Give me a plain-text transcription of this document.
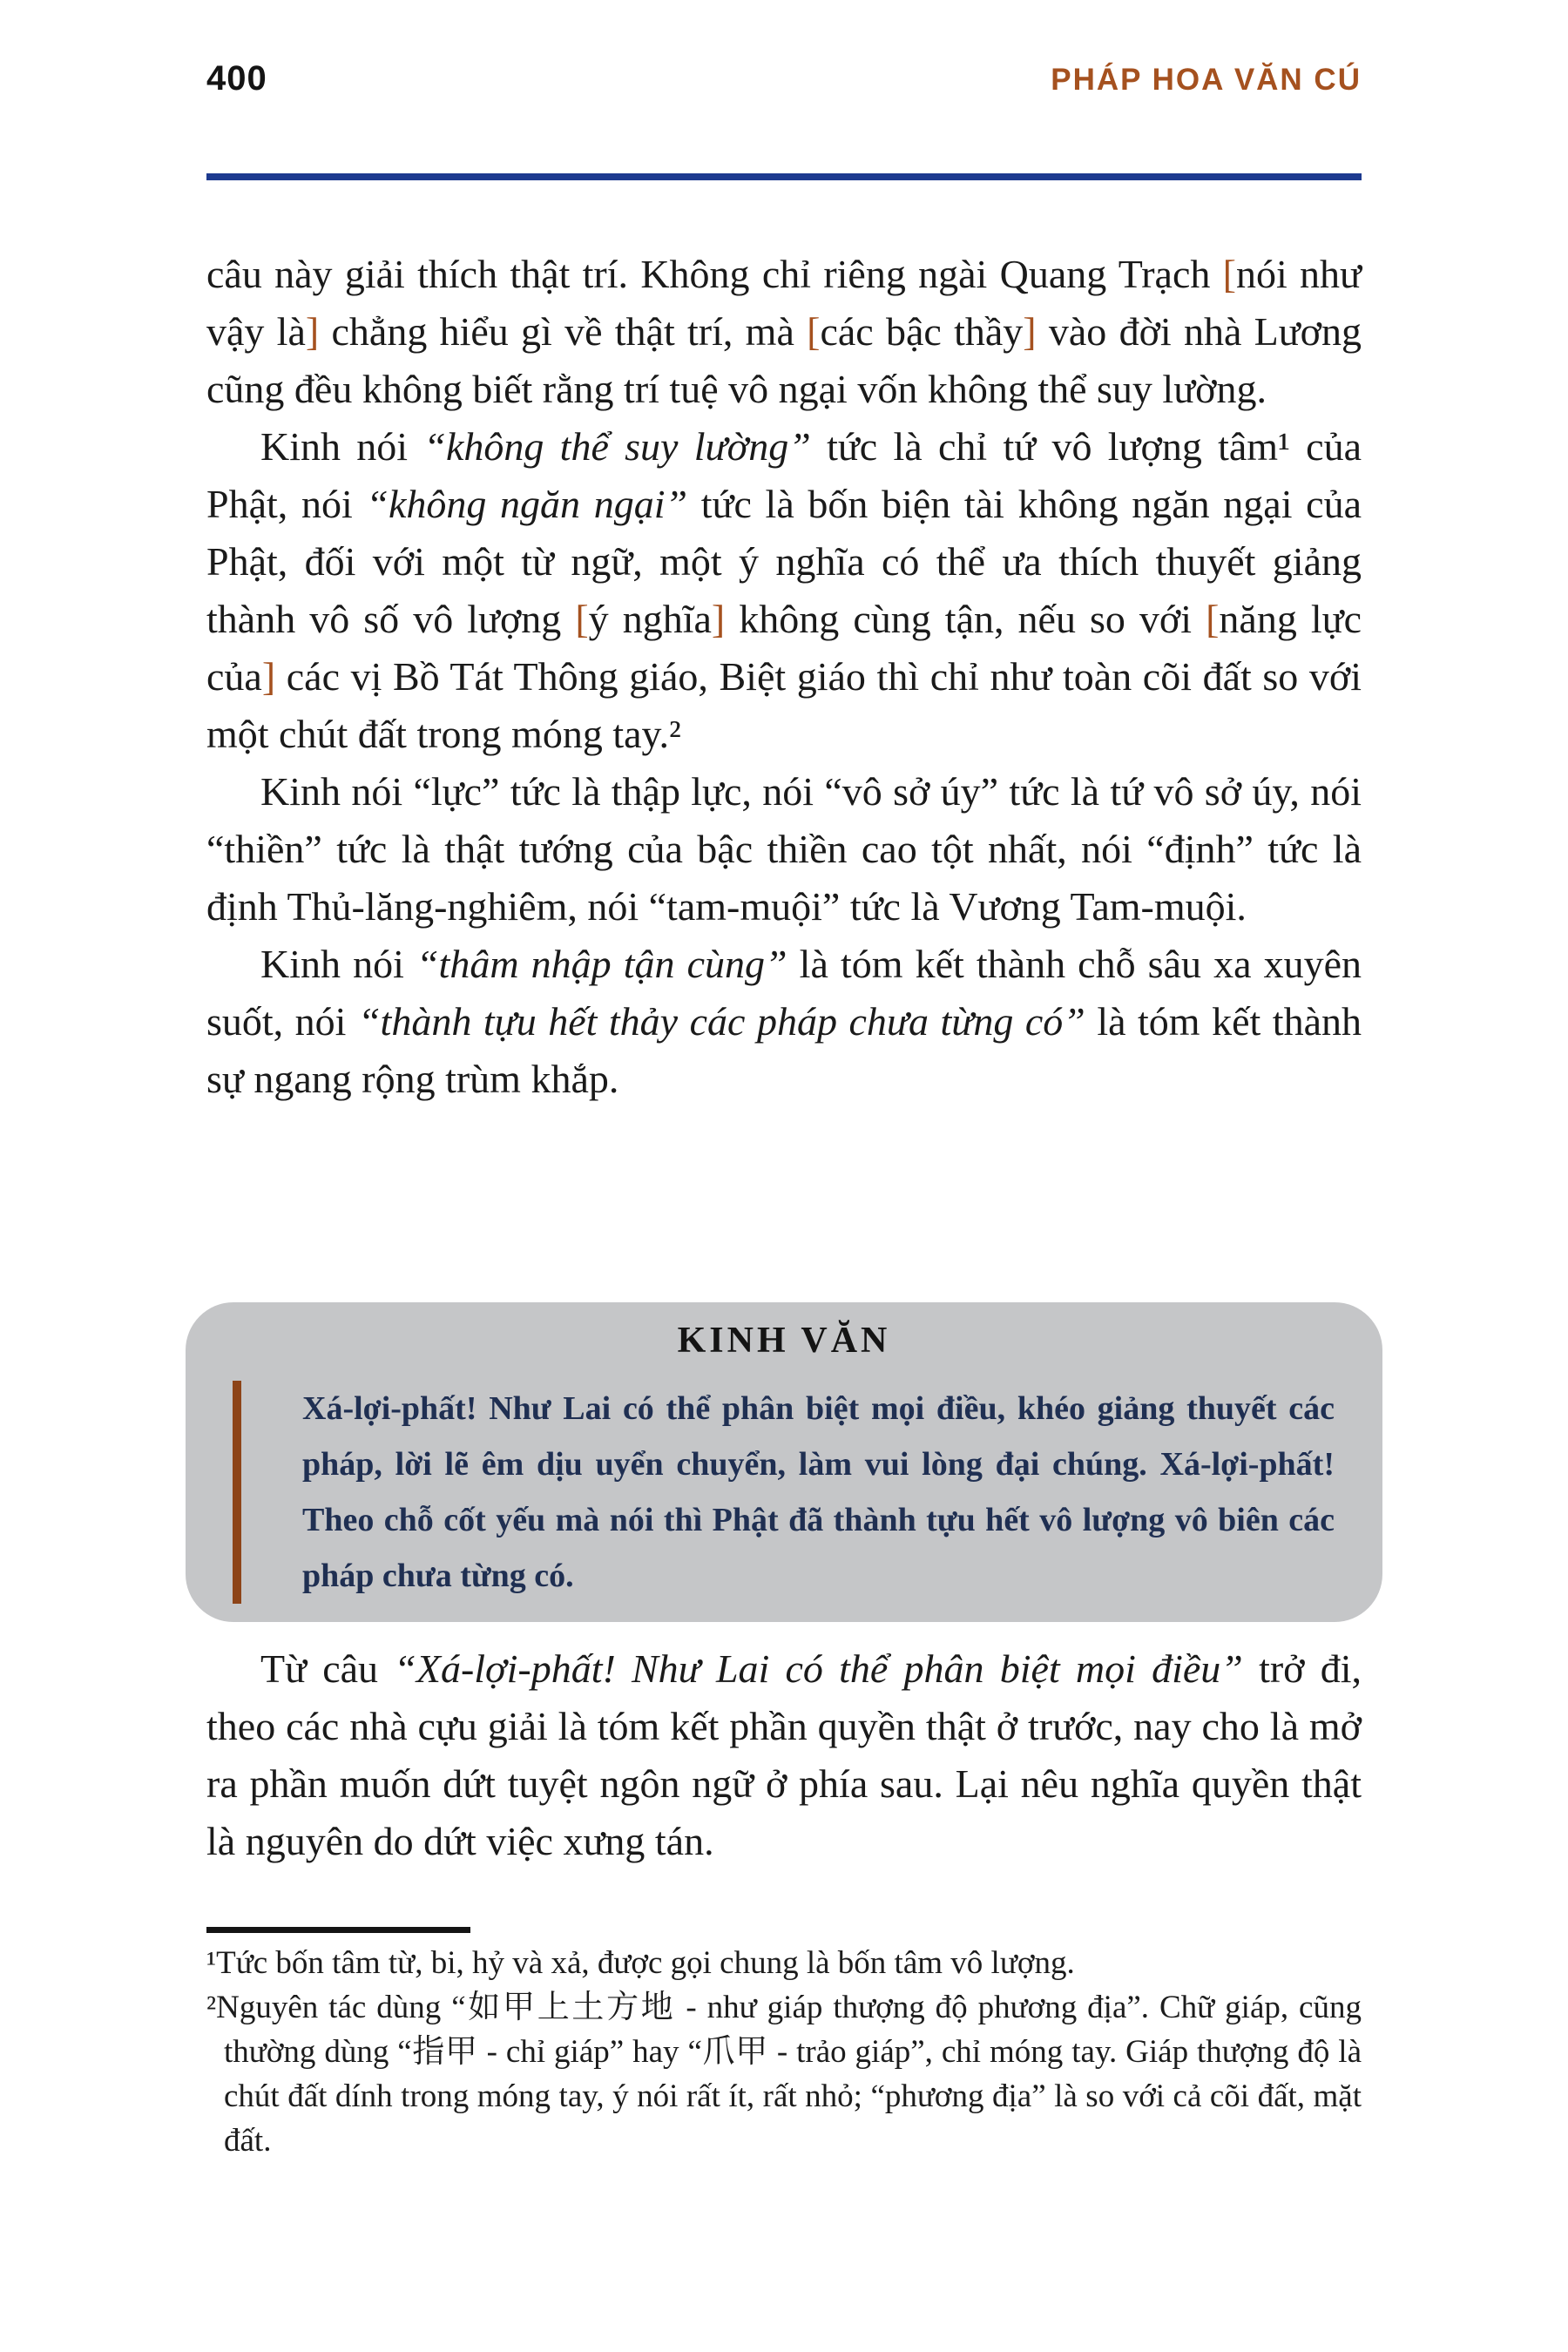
400	PHÁP HOA VĂN CÚ

câu này giải thích thật trí. Không chỉ riêng ngài Quang Trạch [nói như vậy là] chẳng hiểu gì về thật trí, mà [các bậc thầy] vào đời nhà Lương cũng đều không biết rằng trí tuệ vô ngại vốn không thể suy lường.

Kinh nói “không thể suy lường” tức là chỉ tứ vô lượng tâm¹ của Phật, nói “không ngăn ngại” tức là bốn biện tài không ngăn ngại của Phật, đối với một từ ngữ, một ý nghĩa có thể ưa thích thuyết giảng thành vô số vô lượng [ý nghĩa] không cùng tận, nếu so với [năng lực của] các vị Bồ Tát Thông giáo, Biệt giáo thì chỉ như toàn cõi đất so với một chút đất trong móng tay.²

Kinh nói “lực” tức là thập lực, nói “vô sở úy” tức là tứ vô sở úy, nói “thiền” tức là thật tướng của bậc thiền cao tột nhất, nói “định” tức là định Thủ-lăng-nghiêm, nói “tam-muội” tức là Vương Tam-muội.

Kinh nói “thâm nhập tận cùng” là tóm kết thành chỗ sâu xa xuyên suốt, nói “thành tựu hết thảy các pháp chưa từng có” là tóm kết thành sự ngang rộng trùm khắp.

KINH VĂN
Xá-lợi-phất! Như Lai có thể phân biệt mọi điều, khéo giảng thuyết các pháp, lời lẽ êm dịu uyển chuyển, làm vui lòng đại chúng. Xá-lợi-phất! Theo chỗ cốt yếu mà nói thì Phật đã thành tựu hết vô lượng vô biên các pháp chưa từng có.

Từ câu “Xá-lợi-phất! Như Lai có thể phân biệt mọi điều” trở đi, theo các nhà cựu giải là tóm kết phần quyền thật ở trước, nay cho là mở ra phần muốn dứt tuyệt ngôn ngữ ở phía sau. Lại nêu nghĩa quyền thật là nguyên do dứt việc xưng tán.

¹Tức bốn tâm từ, bi, hỷ và xả, được gọi chung là bốn tâm vô lượng.

²Nguyên tác dùng “如甲上土方地 - như giáp thượng độ phương địa”. Chữ giáp, cũng thường dùng “指甲 - chỉ giáp” hay “爪甲 - trảo giáp”, chỉ móng tay. Giáp thượng độ là chút đất dính trong móng tay, ý nói rất ít, rất nhỏ; “phương địa” là so với cả cõi đất, mặt đất.
